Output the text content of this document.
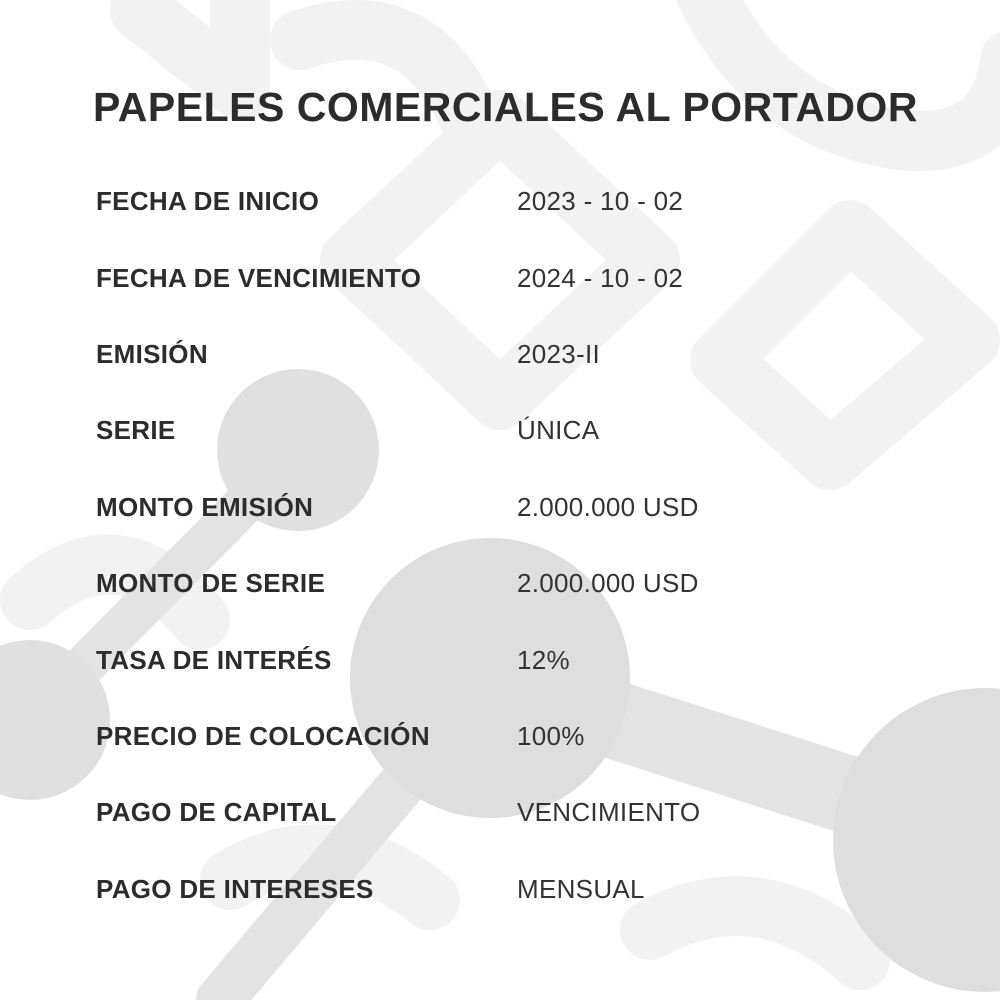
PAPELES COMERCIALES AL PORTADOR
FECHA DE INICIO	2023 - 10 - 02
FECHA DE VENCIMIENTO	2024 - 10 - 02
EMISIÓN	2023-II
SERIE	ÚNICA
MONTO EMISIÓN	2.000.000 USD
MONTO DE SERIE	2.000.000 USD
TASA DE INTERÉS	12%
PRECIO DE COLOCACIÓN	100%
PAGO DE CAPITAL	VENCIMIENTO
PAGO DE INTERESES	MENSUAL
